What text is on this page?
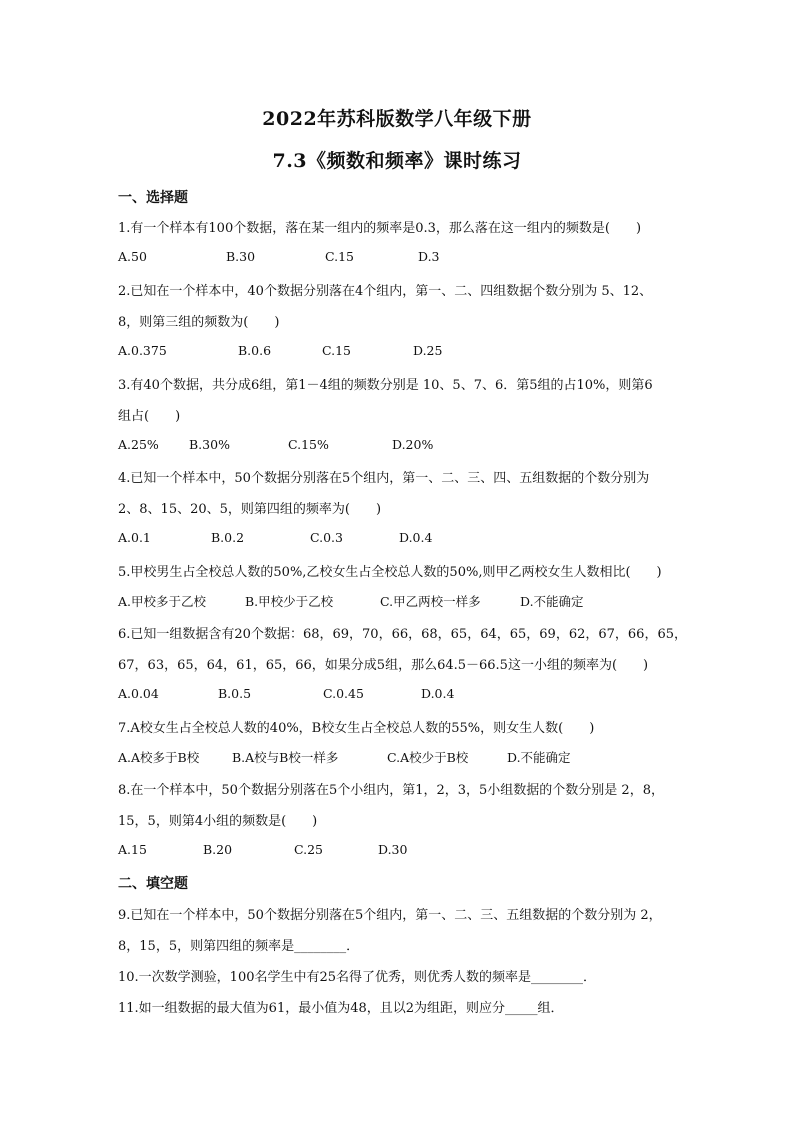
2022年苏科版数学八年级下册
7.3《频数和频率》课时练习
一、选择题
1.有一个样本有100个数据，落在某一组内的频率是0.3，那么落在这一组内的频数是(　　)
A.50	B.30	C.15	D.3
2.已知在一个样本中，40个数据分别落在4个组内，第一、二、四组数据个数分别为 5、12、
8，则第三组的频数为(　　)
A.0.375	B.0.6	C.15	D.25
3.有40个数据，共分成6组，第1－4组的频数分别是 10、5、7、6．第5组的占10%，则第6
组占(　　)
A.25% B.30%	C.15%	D.20%
4.已知一个样本中，50个数据分别落在5个组内，第一、二、三、四、五组数据的个数分别为
2、8、15、20、5，则第四组的频率为(　　)
A.0.1	B.0.2	C.0.3	D.0.4
5.甲校男生占全校总人数的50%,乙校女生占全校总人数的50%,则甲乙两校女生人数相比(　　)
A.甲校多于乙校	B.甲校少于乙校	C.甲乙两校一样多	D.不能确定
6.已知一组数据含有20个数据：68，69，70，66，68，65，64，65，69，62，67，66，65，
67，63，65，64，61，65，66，如果分成5组，那么64.5－66.5这一小组的频率为(　　)
A.0.04	B.0.5	C.0.45	D.0.4
7.A校女生占全校总人数的40%，B校女生占全校总人数的55%，则女生人数(　　)
A.A校多于B校	B.A校与B校一样多	C.A校少于B校	D.不能确定
8.在一个样本中，50个数据分别落在5个小组内，第1，2，3，5小组数据的个数分别是 2，8，
15，5，则第4小组的频数是(　　)
A.15	B.20	C.25	D.30
二、填空题
9.已知在一个样本中，50个数据分别落在5个组内，第一、二、三、五组数据的个数分别为 2，
8，15，5，则第四组的频率是________．
10.一次数学测验，100名学生中有25名得了优秀，则优秀人数的频率是________．
11.如一组数据的最大值为61，最小值为48，且以2为组距，则应分_____组．
